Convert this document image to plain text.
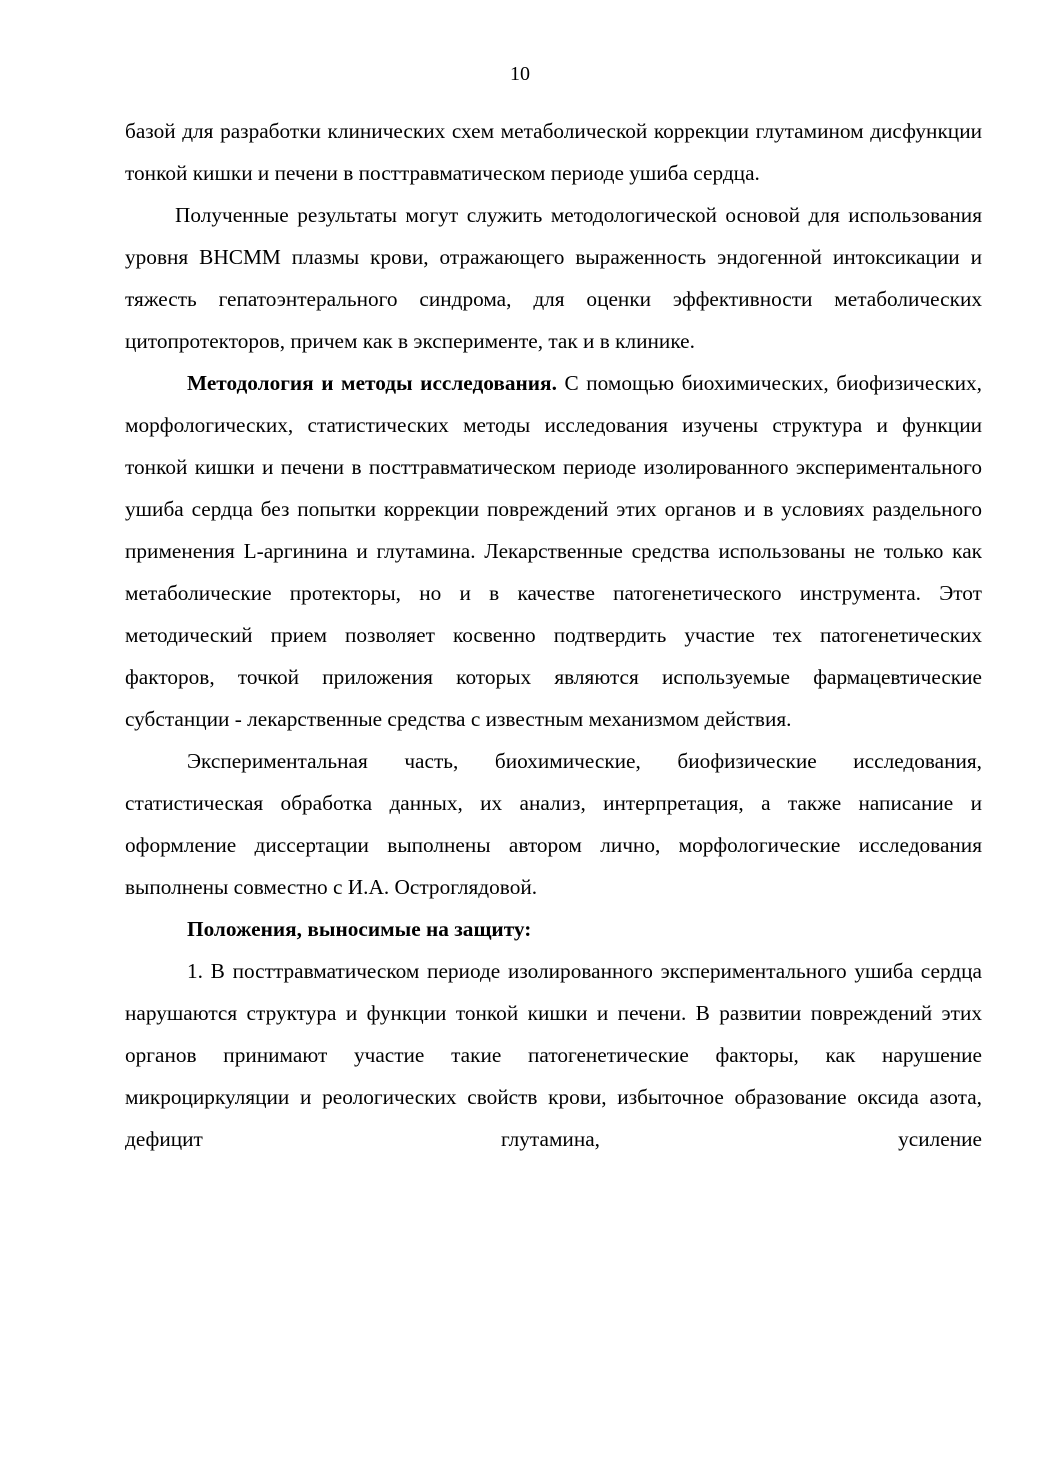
10

базой для разработки клинических схем метаболической коррекции глутамином дисфункции тонкой кишки и печени в посттравматическом периоде ушиба сердца.

Полученные результаты могут служить методологической основой для использования уровня ВНСММ плазмы крови, отражающего выраженность эндогенной интоксикации и тяжесть гепатоэнтерального синдрома, для оценки эффективности метаболических цитопротекторов, причем как в эксперименте, так и в клинике.

Методология и методы исследования. С помощью биохимических, биофизических, морфологических, статистических методы исследования изучены структура и функции тонкой кишки и печени в посттравматическом периоде изолированного экспериментального ушиба сердца без попытки коррекции повреждений этих органов и в условиях раздельного применения L-аргинина и глутамина. Лекарственные средства использованы не только как метаболические протекторы, но и в качестве патогенетического инструмента. Этот методический прием позволяет косвенно подтвердить участие тех патогенетических факторов, точкой приложения которых являются используемые фармацевтические субстанции - лекарственные средства с известным механизмом действия.

Экспериментальная часть, биохимические, биофизические исследования, статистическая обработка данных, их анализ, интерпретация, а также написание и оформление диссертации выполнены автором лично, морфологические исследования выполнены совместно с И.А. Остроглядовой.

Положения, выносимые на защиту:

1. В посттравматическом периоде изолированного экспериментального ушиба сердца нарушаются структура и функции тонкой кишки и печени. В развитии повреждений этих органов принимают участие такие патогенетические факторы, как нарушение микроциркуляции и реологических свойств крови, избыточное образование оксида азота, дефицит глутамина, усиление
